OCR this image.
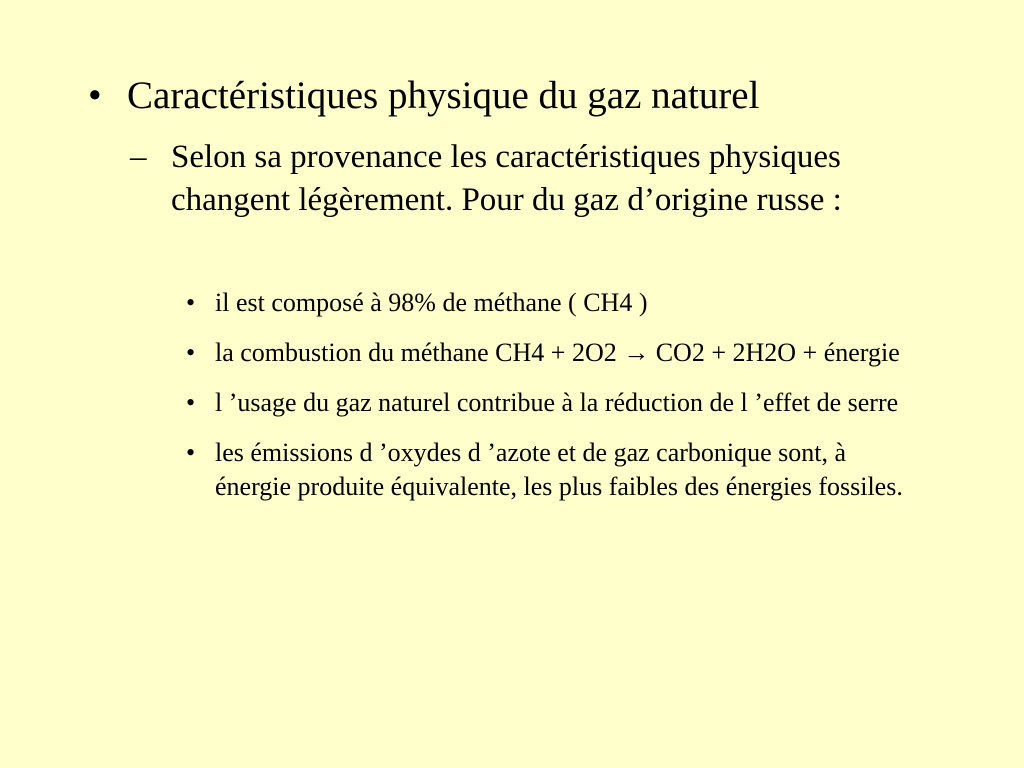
• Caractéristiques physique du gaz naturel
– Selon sa provenance les caractéristiques physiques changent légèrement. Pour du gaz d’origine russe :
• il est composé à 98% de méthane ( CH4 )
• la combustion du méthane CH4 + 2O2 → CO2 + 2H2O + énergie
• l ’usage du gaz naturel contribue à la réduction de l ’effet de serre
• les émissions d ’oxydes d ’azote et de gaz carbonique sont, à énergie produite équivalente, les plus faibles des énergies fossiles.
